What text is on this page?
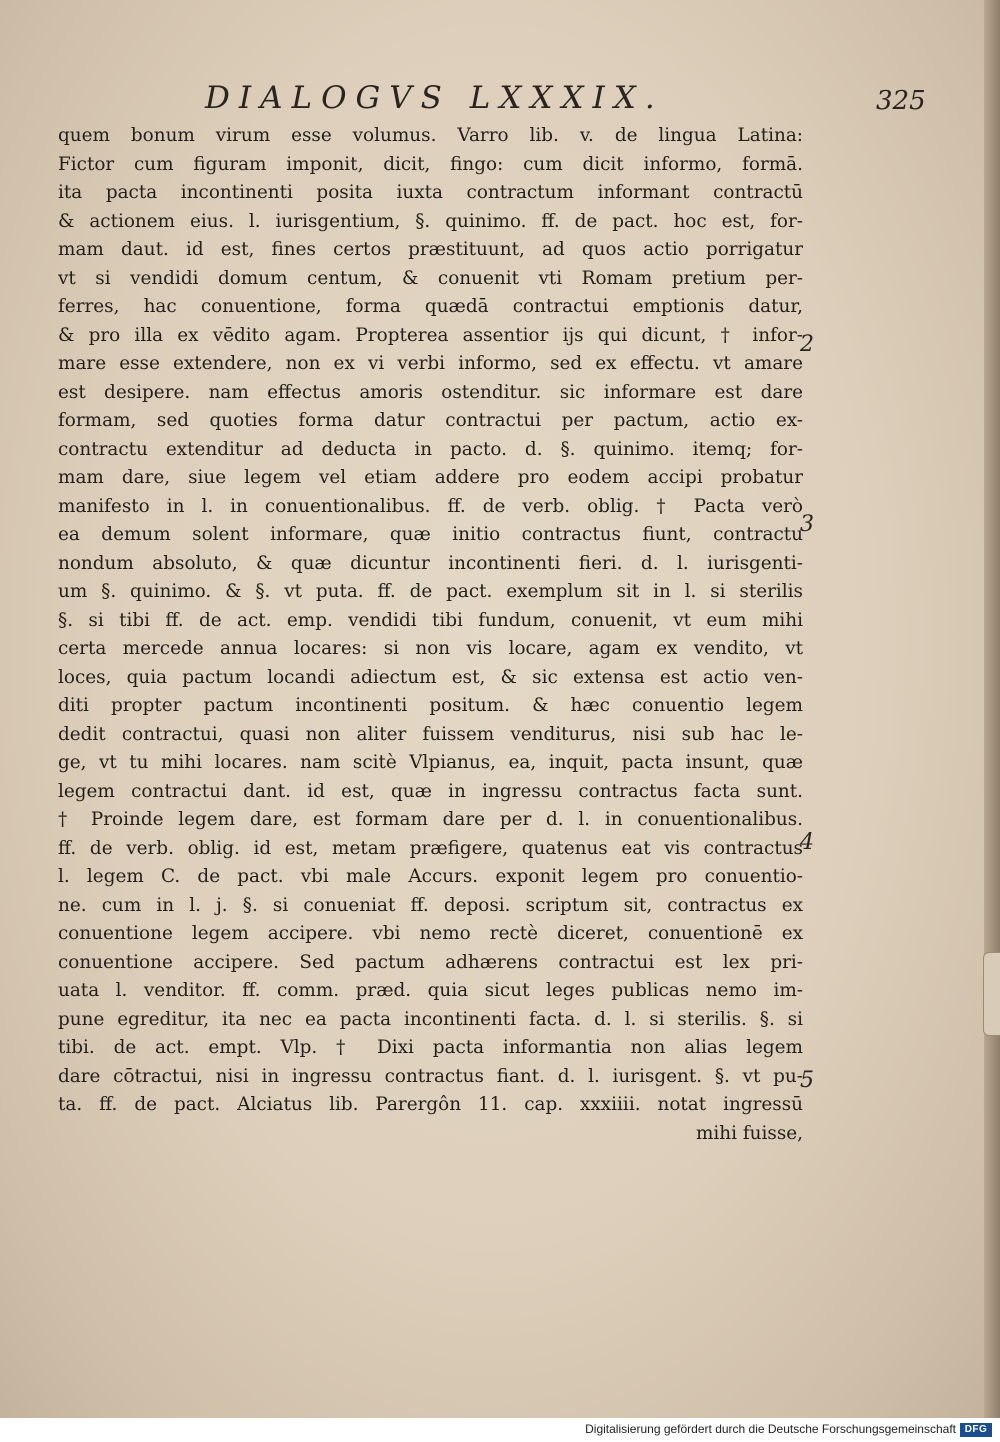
DIALOGVS LXXXIX.	325
quem bonum virum esse volumus. Varro lib. v. de lingua Latina:
Fictor cum figuram imponit, dicit, fingo: cum dicit informo, formā.
ita pacta incontinenti posita iuxta contractum informant contractū
& actionem eius. l. iurisgentium, §. quinimo. ff. de pact. hoc est, for-
mam daut. id est, fines certos præstituunt, ad quos actio porrigatur
vt si vendidi domum centum, & conuenit vti Romam pretium per-
ferres, hac conuentione, forma quædā contractui emptionis datur,
& pro illa ex vēdito agam. Propterea assentior ijs qui dicunt, † infor-
mare esse extendere, non ex vi verbi informo, sed ex effectu. vt amare
est desipere. nam effectus amoris ostenditur. sic informare est dare
formam, sed quoties forma datur contractui per pactum, actio ex-
contractu extenditur ad deducta in pacto. d. §. quinimo. itemq; for-
mam dare, siue legem vel etiam addere pro eodem accipi probatur
manifesto in l. in conuentionalibus. ff. de verb. oblig. † Pacta verò
ea demum solent informare, quæ initio contractus fiunt, contractu
nondum absoluto, & quæ dicuntur incontinenti fieri. d. l. iurisgenti-
um §. quinimo. & §. vt puta. ff. de pact. exemplum sit in l. si sterilis
§. si tibi ff. de act. emp. vendidi tibi fundum, conuenit, vt eum mihi
certa mercede annua locares: si non vis locare, agam ex vendito, vt
loces, quia pactum locandi adiectum est, & sic extensa est actio ven-
diti propter pactum incontinenti positum. & hæc conuentio legem
dedit contractui, quasi non aliter fuissem venditurus, nisi sub hac le-
ge, vt tu mihi locares. nam scitè Vlpianus, ea, inquit, pacta insunt, quæ
legem contractui dant. id est, quæ in ingressu contractus facta sunt.
† Proinde legem dare, est formam dare per d. l. in conuentionalibus.
ff. de verb. oblig. id est, metam præfigere, quatenus eat vis contractus
l. legem C. de pact. vbi male Accurs. exponit legem pro conuentio-
ne. cum in l. j. §. si conueniat ff. deposi. scriptum sit, contractus ex
conuentione legem accipere. vbi nemo rectè diceret, conuentionē ex
conuentione accipere. Sed pactum adhærens contractui est lex pri-
uata l. venditor. ff. comm. præd. quia sicut leges publicas nemo im-
pune egreditur, ita nec ea pacta incontinenti facta. d. l. si sterilis. §. si
tibi. de act. empt. Vlp. † Dixi pacta informantia non alias legem
dare cōtractui, nisi in ingressu contractus fiant. d. l. iurisgent. §. vt pu-
ta. ff. de pact. Alciatus lib. Parergôn 11. cap. xxxiiii. notat ingressū
mihi fuisse,
2
3
4
5
Digitalisierung gefördert durch die Deutsche Forschungsgemeinschaft DFG
